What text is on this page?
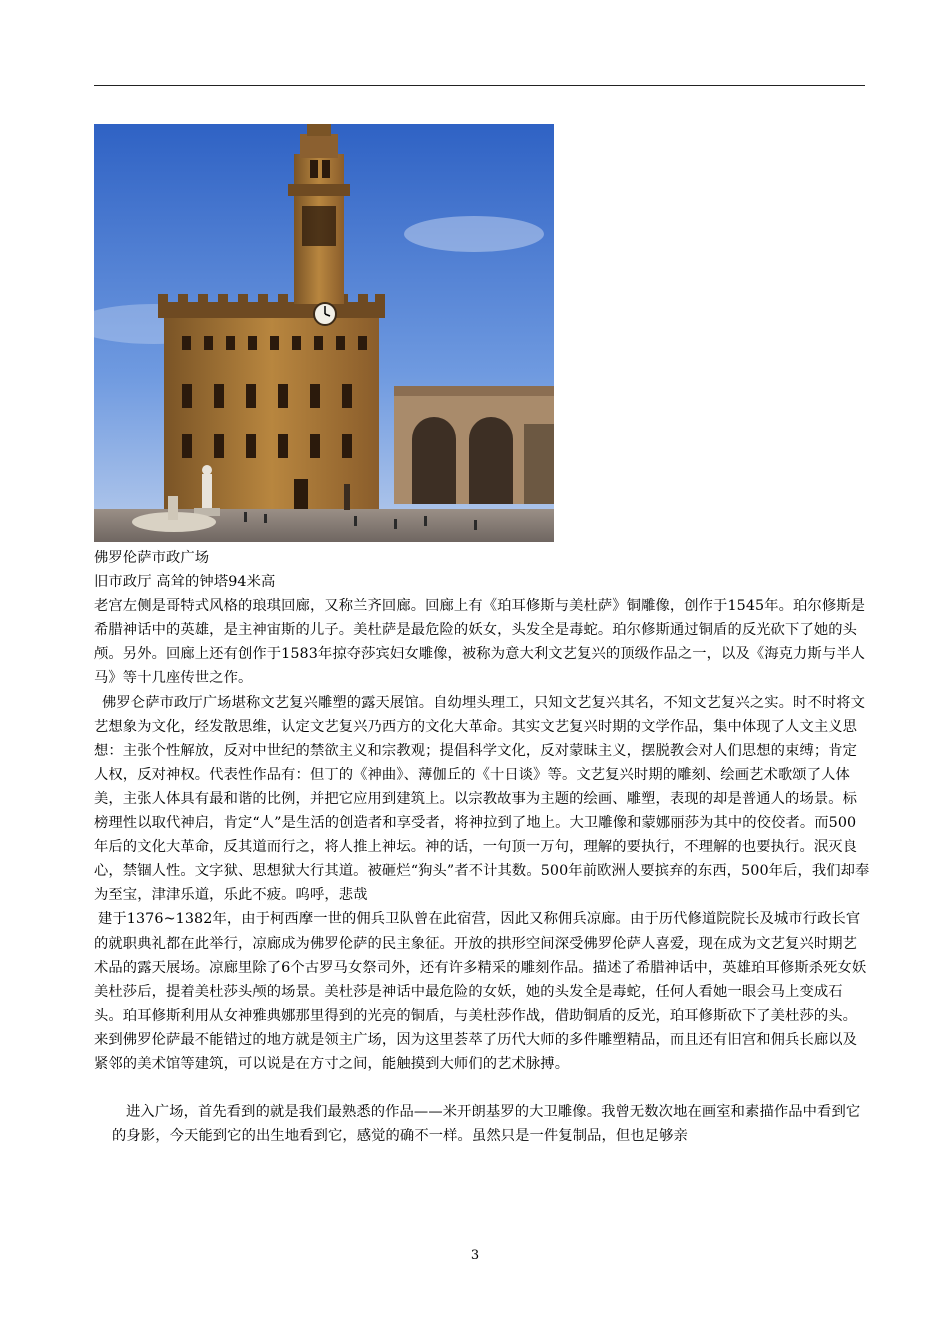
佛罗伦萨市政广场

旧市政厅 高耸的钟塔94米高

老宫左侧是哥特式风格的琅琪回廊，又称兰齐回廊。回廊上有《珀耳修斯与美杜萨》铜雕像，创作于1545年。珀尔修斯是希腊神话中的英雄，是主神宙斯的儿子。美杜萨是最危险的妖女，头发全是毒蛇。珀尔修斯通过铜盾的反光砍下了她的头颅。另外。回廊上还有创作于1583年掠夺莎宾妇女雕像，被称为意大利文艺复兴的顶级作品之一，以及《海克力斯与半人马》等十几座传世之作。

佛罗仑萨市政厅广场堪称文艺复兴雕塑的露天展馆。自幼埋头理工，只知文艺复兴其名，不知文艺复兴之实。时不时将文艺想象为文化，经发散思维，认定文艺复兴乃西方的文化大革命。其实文艺复兴时期的文学作品，集中体现了人文主义思想：主张个性解放，反对中世纪的禁欲主义和宗教观；提倡科学文化，反对蒙昧主义，摆脱教会对人们思想的束缚；肯定人权，反对神权。代表性作品有：但丁的《神曲》、薄伽丘的《十日谈》等。文艺复兴时期的雕刻、绘画艺术歌颂了人体美，主张人体具有最和谐的比例，并把它应用到建筑上。以宗教故事为主题的绘画、雕塑，表现的却是普通人的场景。标榜理性以取代神启，肯定“人”是生活的创造者和享受者，将神拉到了地上。大卫雕像和蒙娜丽莎为其中的佼佼者。而500年后的文化大革命，反其道而行之，将人推上神坛。神的话，一句顶一万句，理解的要执行，不理解的也要执行。泯灭良心，禁锢人性。文字狱、思想狱大行其道。被砸烂“狗头”者不计其数。500年前欧洲人要摈弃的东西，500年后，我们却奉为至宝，津津乐道，乐此不疲。呜呼，悲哉

建于1376~1382年，由于柯西摩一世的佣兵卫队曾在此宿营，因此又称佣兵凉廊。由于历代修道院院长及城市行政长官的就职典礼都在此举行，凉廊成为佛罗伦萨的民主象征。开放的拱形空间深受佛罗伦萨人喜爱，现在成为文艺复兴时期艺术品的露天展场。凉廊里除了6个古罗马女祭司外，还有许多精采的雕刻作品。描述了希腊神话中，英雄珀耳修斯杀死女妖美杜莎后，提着美杜莎头颅的场景。美杜莎是神话中最危险的女妖，她的头发全是毒蛇，任何人看她一眼会马上变成石头。珀耳修斯利用从女神雅典娜那里得到的光亮的铜盾，与美杜莎作战，借助铜盾的反光，珀耳修斯砍下了美杜莎的头。

来到佛罗伦萨最不能错过的地方就是领主广场，因为这里荟萃了历代大师的多件雕塑精品，而且还有旧宫和佣兵长廊以及紧邻的美术馆等建筑，可以说是在方寸之间，能触摸到大师们的艺术脉搏。

进入广场，首先看到的就是我们最熟悉的作品——米开朗基罗的大卫雕像。我曾无数次地在画室和素描作品中看到它的身影，今天能到它的出生地看到它，感觉的确不一样。虽然只是一件复制品，但也足够亲

3
